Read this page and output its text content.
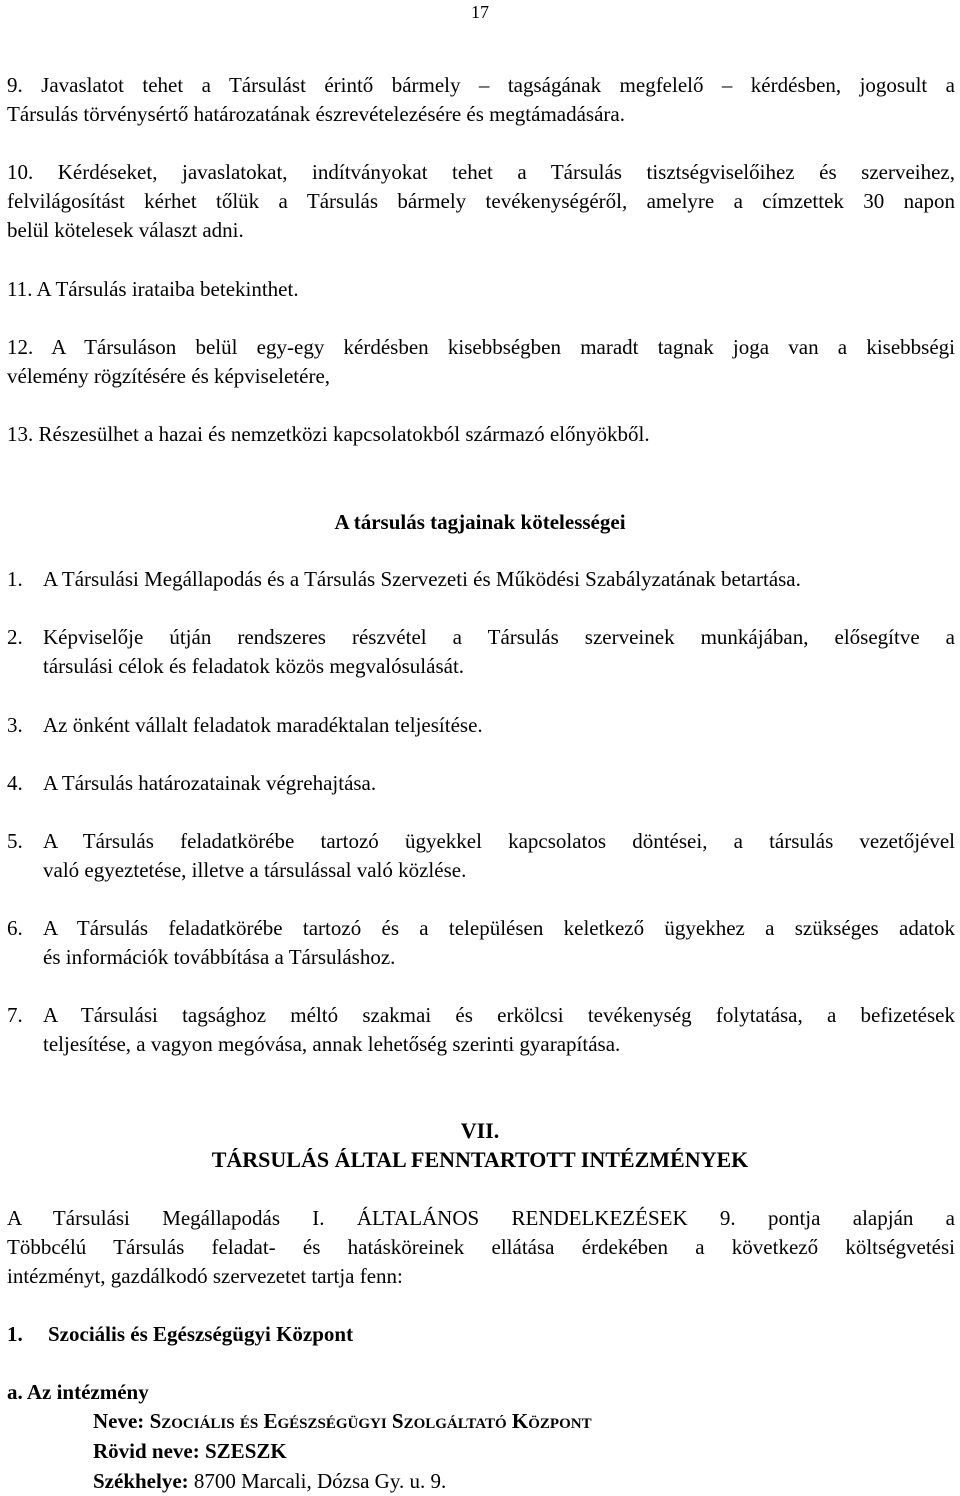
17
9. Javaslatot tehet a Társulást érintő bármely – tagságának megfelelő – kérdésben, jogosult a
Társulás törvénysértő határozatának észrevételezésére és megtámadására.
10. Kérdéseket, javaslatokat, indítványokat tehet a Társulás tisztségviselőihez és szerveihez,
felvilágosítást kérhet tőlük a Társulás bármely tevékenységéről, amelyre a címzettek 30 napon
belül kötelesek választ adni.
11. A Társulás irataiba betekinthet.
12. A Társuláson belül egy-egy kérdésben kisebbségben maradt tagnak joga van a kisebbségi
vélemény rögzítésére és képviseletére,
13. Részesülhet a hazai és nemzetközi kapcsolatokból származó előnyökből.
A társulás tagjainak kötelességei
1. A Társulási Megállapodás és a Társulás Szervezeti és Működési Szabályzatának betartása.
2. Képviselője útján rendszeres részvétel a Társulás szerveinek munkájában, elősegítve a
társulási célok és feladatok közös megvalósulását.
3. Az önként vállalt feladatok maradéktalan teljesítése.
4. A Társulás határozatainak végrehajtása.
5. A Társulás feladatkörébe tartozó ügyekkel kapcsolatos döntései, a társulás vezetőjével
való egyeztetése, illetve a társulással való közlése.
6. A Társulás feladatkörébe tartozó és a településen keletkező ügyekhez a szükséges adatok
és információk továbbítása a Társuláshoz.
7. A Társulási tagsághoz méltó szakmai és erkölcsi tevékenység folytatása, a befizetések
teljesítése, a vagyon megóvása, annak lehetőség szerinti gyarapítása.
VII.
TÁRSULÁS ÁLTAL FENNTARTOTT INTÉZMÉNYEK
A Társulási Megállapodás I. ÁLTALÁNOS RENDELKEZÉSEK 9. pontja alapján a
Többcélú Társulás feladat- és hatásköreinek ellátása érdekében a következő költségvetési
intézményt, gazdálkodó szervezetet tartja fenn:
1. Szociális és Egészségügyi Központ
a. Az intézmény
Neve: Szociális és Egészségügyi Szolgáltató Központ
Rövid neve: SZESZK
Székhelye: 8700 Marcali, Dózsa Gy. u. 9.
